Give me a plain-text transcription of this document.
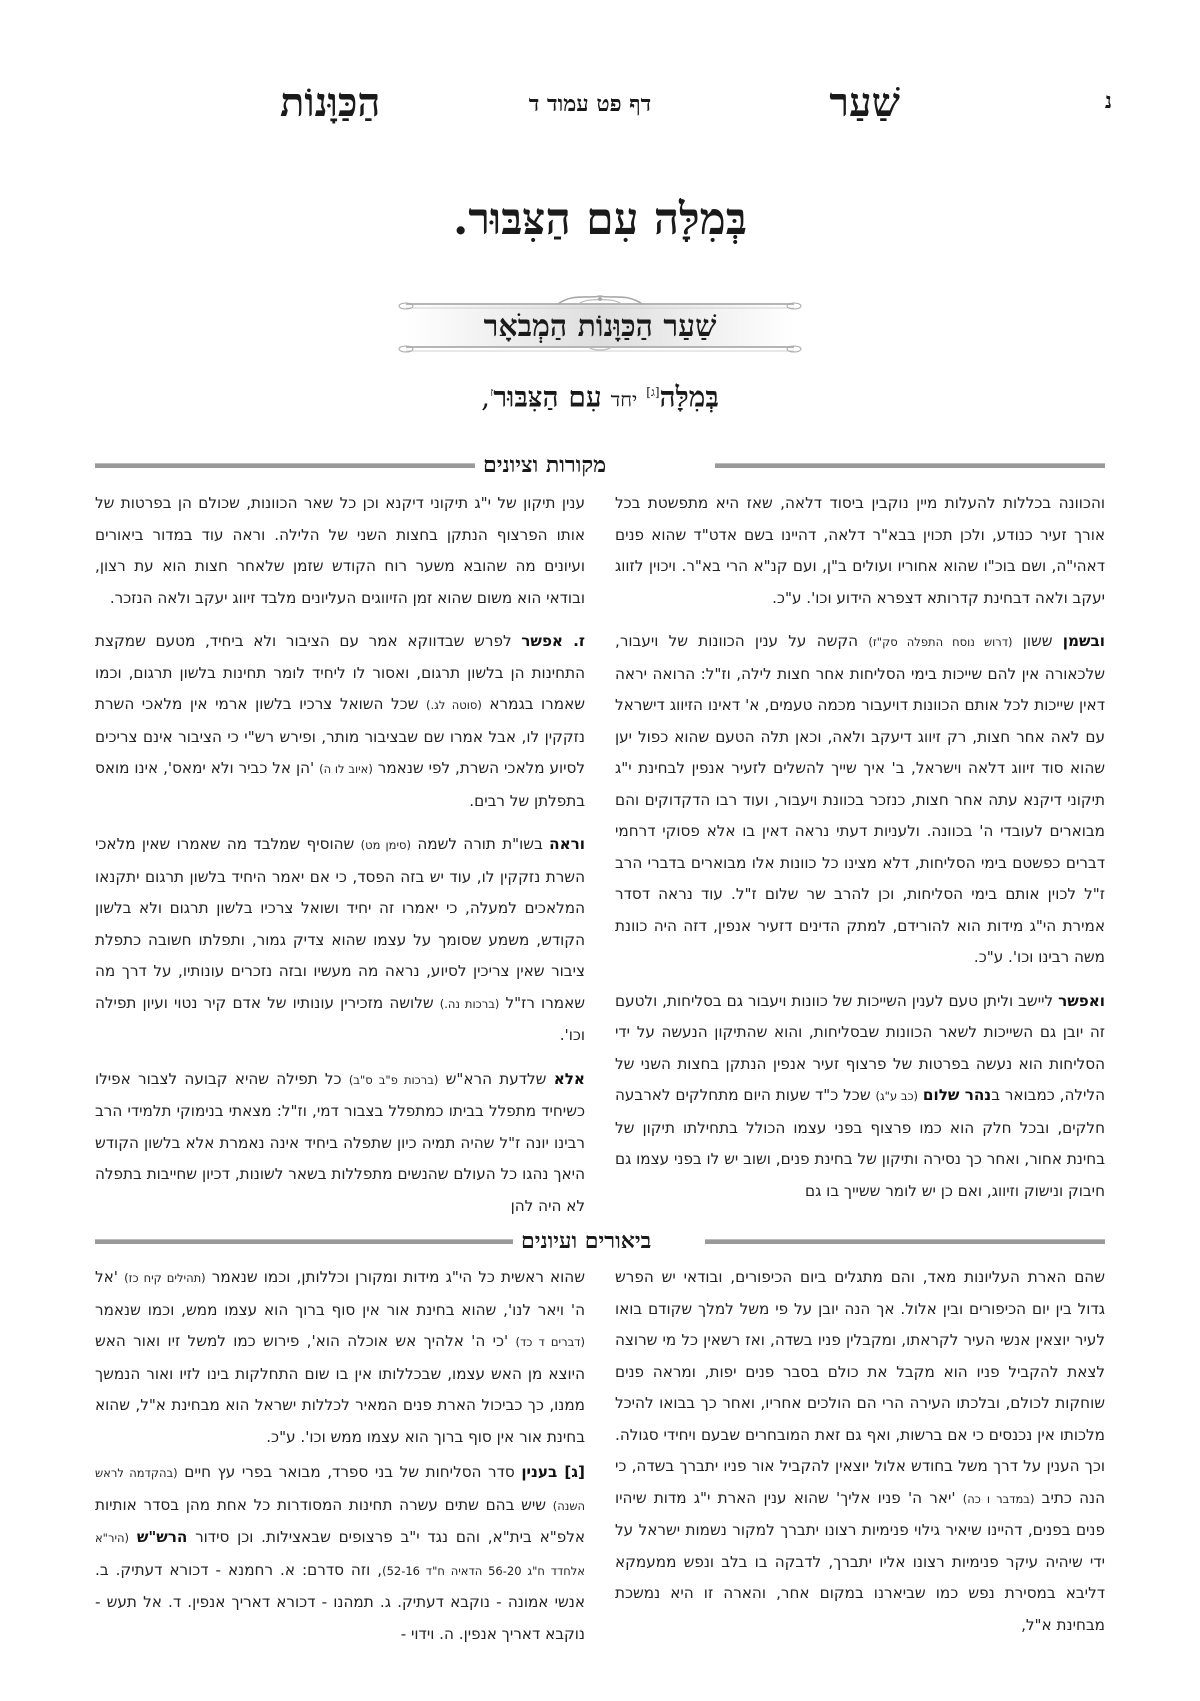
נ
שַׁעַר
דף פט עמוד ד
הַכַּוָּנוֹת
בְּמִלָּה עִם הַצִּבּוּר.
שַׁעַר הַכַּוָּנוֹת הַמְבֹאָר
בְּמִלָּה[ג] יחד עִם הַצִּבּוּר$^ז$,
מקורות וציונים

והכוונה בכללות להעלות מיין נוקבין ביסוד דלאה, שאז היא מתפשטת בכל אורך זעיר כנודע, ולכן תכוין בבא"ר דלאה, דהיינו בשם אדט"ד שהוא פנים דאהי"ה, ושם בוכ"ו שהוא אחוריו ועולים ב"ן, ועם קנ"א הרי בא"ר. ויכוין לזווג יעקב ולאה דבחינת קדרותא דצפרא הידוע וכו'. ע"כ.

ובשמן ששון (דרוש נוסח התפלה סק"ז) הקשה על ענין הכוונות של ויעבור, שלכאורה אין להם שייכות בימי הסליחות אחר חצות לילה, וז"ל: הרואה יראה דאין שייכות לכל אותם הכוונות דויעבור מכמה טעמים, א' דאינו הזיווג דישראל עם לאה אחר חצות, רק זיווג דיעקב ולאה, וכאן תלה הטעם שהוא כפול יען שהוא סוד זיווג דלאה וישראל, ב' איך שייך להשלים לזעיר אנפין לבחינת י"ג תיקוני דיקנא עתה אחר חצות, כנזכר בכוונת ויעבור, ועוד רבו הדקדוקים והם מבוארים לעובדי ה' בכוונה. ולעניות דעתי נראה דאין בו אלא פסוקי דרחמי דברים כפשטם בימי הסליחות, דלא מצינו כל כוונות אלו מבוארים בדברי הרב ז"ל לכוין אותם בימי הסליחות, וכן להרב שר שלום ז"ל. עוד נראה דסדר אמירת הי"ג מידות הוא להורידם, למתק הדינים דזעיר אנפין, דזה היה כוונת משה רבינו וכו'. ע"כ.

ואפשר ליישב וליתן טעם לענין השייכות של כוונות ויעבור גם בסליחות, ולטעם זה יובן גם השייכות לשאר הכוונות שבסליחות, והוא שהתיקון הנעשה על ידי הסליחות הוא נעשה בפרטות של פרצוף זעיר אנפין הנתקן בחצות השני של הלילה, כמבואר בנהר שלום (כב ע"ג) שכל כ"ד שעות היום מתחלקים לארבעה חלקים, ובכל חלק הוא כמו פרצוף בפני עצמו הכולל בתחילתו תיקון של בחינת אחור, ואחר כך נסירה ותיקון של בחינת פנים, ושוב יש לו בפני עצמו גם חיבוק ונישוק וזיווג, ואם כן יש לומר ששייך בו גם

ענין תיקון של י"ג תיקוני דיקנא וכן כל שאר הכוונות, שכולם הן בפרטות של אותו הפרצוף הנתקן בחצות השני של הלילה. וראה עוד במדור ביאורים ועיונים מה שהובא משער רוח הקודש שזמן שלאחר חצות הוא עת רצון, ובודאי הוא משום שהוא זמן הזיווגים העליונים מלבד זיווג יעקב ולאה הנזכר.

ז. אפשר לפרש שבדווקא אמר עם הציבור ולא ביחיד, מטעם שמקצת התחינות הן בלשון תרגום, ואסור לו ליחיד לומר תחינות בלשון תרגום, וכמו שאמרו בגמרא (סוטה לג.) שכל השואל צרכיו בלשון ארמי אין מלאכי השרת נזקקין לו, אבל אמרו שם שבציבור מותר, ופירש רש"י כי הציבור אינם צריכים לסיוע מלאכי השרת, לפי שנאמר (איוב לו ה) 'הן אל כביר ולא ימאס', אינו מואס בתפלתן של רבים.

וראה בשו"ת תורה לשמה (סימן מט) שהוסיף שמלבד מה שאמרו שאין מלאכי השרת נזקקין לו, עוד יש בזה הפסד, כי אם יאמר היחיד בלשון תרגום יתקנאו המלאכים למעלה, כי יאמרו זה יחיד ושואל צרכיו בלשון תרגום ולא בלשון הקודש, משמע שסומך על עצמו שהוא צדיק גמור, ותפלתו חשובה כתפלת ציבור שאין צריכין לסיוע, נראה מה מעשיו ובזה נזכרים עונותיו, על דרך מה שאמרו רז"ל (ברכות נה.) שלושה מזכירין עונותיו של אדם קיר נטוי ועיון תפילה וכו'.

אלא שלדעת הרא"ש (ברכות פ"ב ס"ב) כל תפילה שהיא קבועה לצבור אפילו כשיחיד מתפלל בביתו כמתפלל בצבור דמי, וז"ל: מצאתי בנימוקי תלמידי הרב רבינו יונה ז"ל שהיה תמיה כיון שתפלה ביחיד אינה נאמרת אלא בלשון הקודש היאך נהגו כל העולם שהנשים מתפללות בשאר לשונות, דכיון שחייבות בתפלה לא היה להן

ביאורים ועיונים

שהם הארת העליונות מאד, והם מתגלים ביום הכיפורים, ובודאי יש הפרש גדול בין יום הכיפורים ובין אלול. אך הנה יובן על פי משל למלך שקודם בואו לעיר יוצאין אנשי העיר לקראתו, ומקבלין פניו בשדה, ואז רשאין כל מי שרוצה לצאת להקביל פניו הוא מקבל את כולם בסבר פנים יפות, ומראה פנים שוחקות לכולם, ובלכתו העירה הרי הם הולכים אחריו, ואחר כך בבואו להיכל מלכותו אין נכנסים כי אם ברשות, ואף גם זאת המובחרים שבעם ויחידי סגולה. וכך הענין על דרך משל בחודש אלול יוצאין להקביל אור פניו יתברך בשדה, כי הנה כתיב (במדבר ו כה) 'יאר ה' פניו אליך' שהוא ענין הארת י"ג מדות שיהיו פנים בפנים, דהיינו שיאיר גילוי פנימיות רצונו יתברך למקור נשמות ישראל על ידי שיהיה עיקר פנימיות רצונו אליו יתברך, לדבקה בו בלב ונפש ממעמקא דליבא במסירת נפש כמו שביארנו במקום אחר, והארה זו היא נמשכת מבחינת א"ל,

שהוא ראשית כל הי"ג מידות ומקורן וכללותן, וכמו שנאמר (תהילים קיח כז) 'אל ה' ויאר לנו', שהוא בחינת אור אין סוף ברוך הוא עצמו ממש, וכמו שנאמר (דברים ד כד) 'כי ה' אלהיך אש אוכלה הוא', פירוש כמו למשל זיו ואור האש היוצא מן האש עצמו, שבכללותו אין בו שום התחלקות בינו לזיו ואור הנמשך ממנו, כך כביכול הארת פנים המאיר לכללות ישראל הוא מבחינת א"ל, שהוא בחינת אור אין סוף ברוך הוא עצמו ממש וכו'. ע"כ.

[ג] בענין סדר הסליחות של בני ספרד, מבואר בפרי עץ חיים (בהקדמה לראש השנה) שיש בהם שתים עשרה תחינות המסודרות כל אחת מהן בסדר אותיות אלפ"א בית"א, והם נגד י"ב פרצופים שבאצילות. וכן סידור הרש"ש (היר"א אלחדד ח"ג 56-20 הדאיה ח"ד 52-16), וזה סדרם: א. רחמנא - דכורא דעתיק. ב. אנשי אמונה - נוקבא דעתיק. ג. תמהנו - דכורא דאריך אנפין. ד. אל תעש - נוקבא דאריך אנפין. ה. וידוי -
